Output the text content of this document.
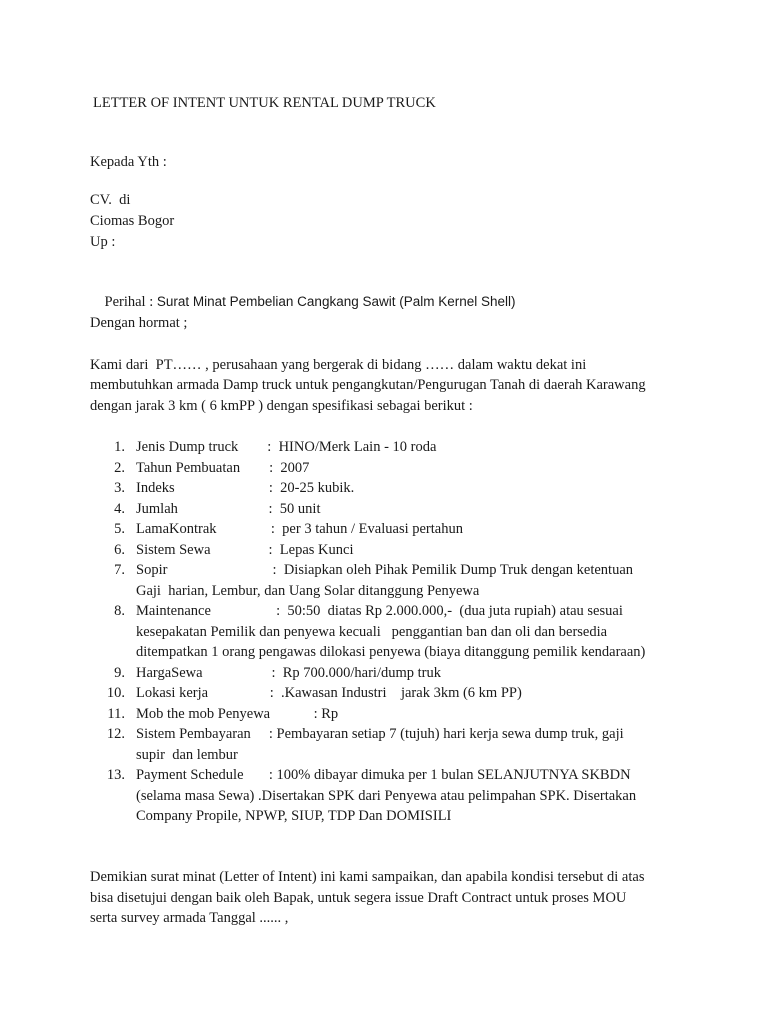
LETTER OF INTENT UNTUK RENTAL DUMP TRUCK
Kepada Yth :
CV.  di
Ciomas Bogor
Up :

Perihal : Surat Minat Pembelian Cangkang Sawit (Palm Kernel Shell)

Dengan hormat ;
Kami dari  PT…… , perusahaan yang bergerak di bidang …… dalam waktu dekat ini
membutuhkan armada Damp truck untuk pengangkutan/Pengurugan Tanah di daerah Karawang
dengan jarak 3 km ( 6 kmPP ) dengan spesifikasi sebagai berikut :
1. Jenis Dump truck        :  HINO/Merk Lain - 10 roda
2. Tahun Pembuatan        :  2007
3. Indeks                          :  20-25 kubik.
4. Jumlah                         :  50 unit
5. LamaKontrak               :  per 3 tahun / Evaluasi pertahun
6. Sistem Sewa                :  Lepas Kunci
7. Sopir                             :  Disiapkan oleh Pihak Pemilik Dump Truk dengan ketentuan
Gaji  harian, Lembur, dan Uang Solar ditanggung Penyewa
8. Maintenance                  :  50:50  diatas Rp 2.000.000,-  (dua juta rupiah) atau sesuai
kesepakatan Pemilik dan penyewa kecuali   penggantian ban dan oli dan bersedia
ditempatkan 1 orang pengawas dilokasi penyewa (biaya ditanggung pemilik kendaraan)
9. HargaSewa                   :  Rp 700.000/hari/dump truk
10. Lokasi kerja                 :  .Kawasan Industri    jarak 3km (6 km PP)
11. Mob the mob Penyewa            : Rp
12. Sistem Pembayaran     : Pembayaran setiap 7 (tujuh) hari kerja sewa dump truk, gaji
supir  dan lembur
13. Payment Schedule       : 100% dibayar dimuka per 1 bulan SELANJUTNYA SKBDN
(selama masa Sewa) .Disertakan SPK dari Penyewa atau pelimpahan SPK. Disertakan
Company Propile, NPWP, SIUP, TDP Dan DOMISILI
Demikian surat minat (Letter of Intent) ini kami sampaikan, dan apabila kondisi tersebut di atas
bisa disetujui dengan baik oleh Bapak, untuk segera issue Draft Contract untuk proses MOU
serta survey armada Tanggal ...... ,
